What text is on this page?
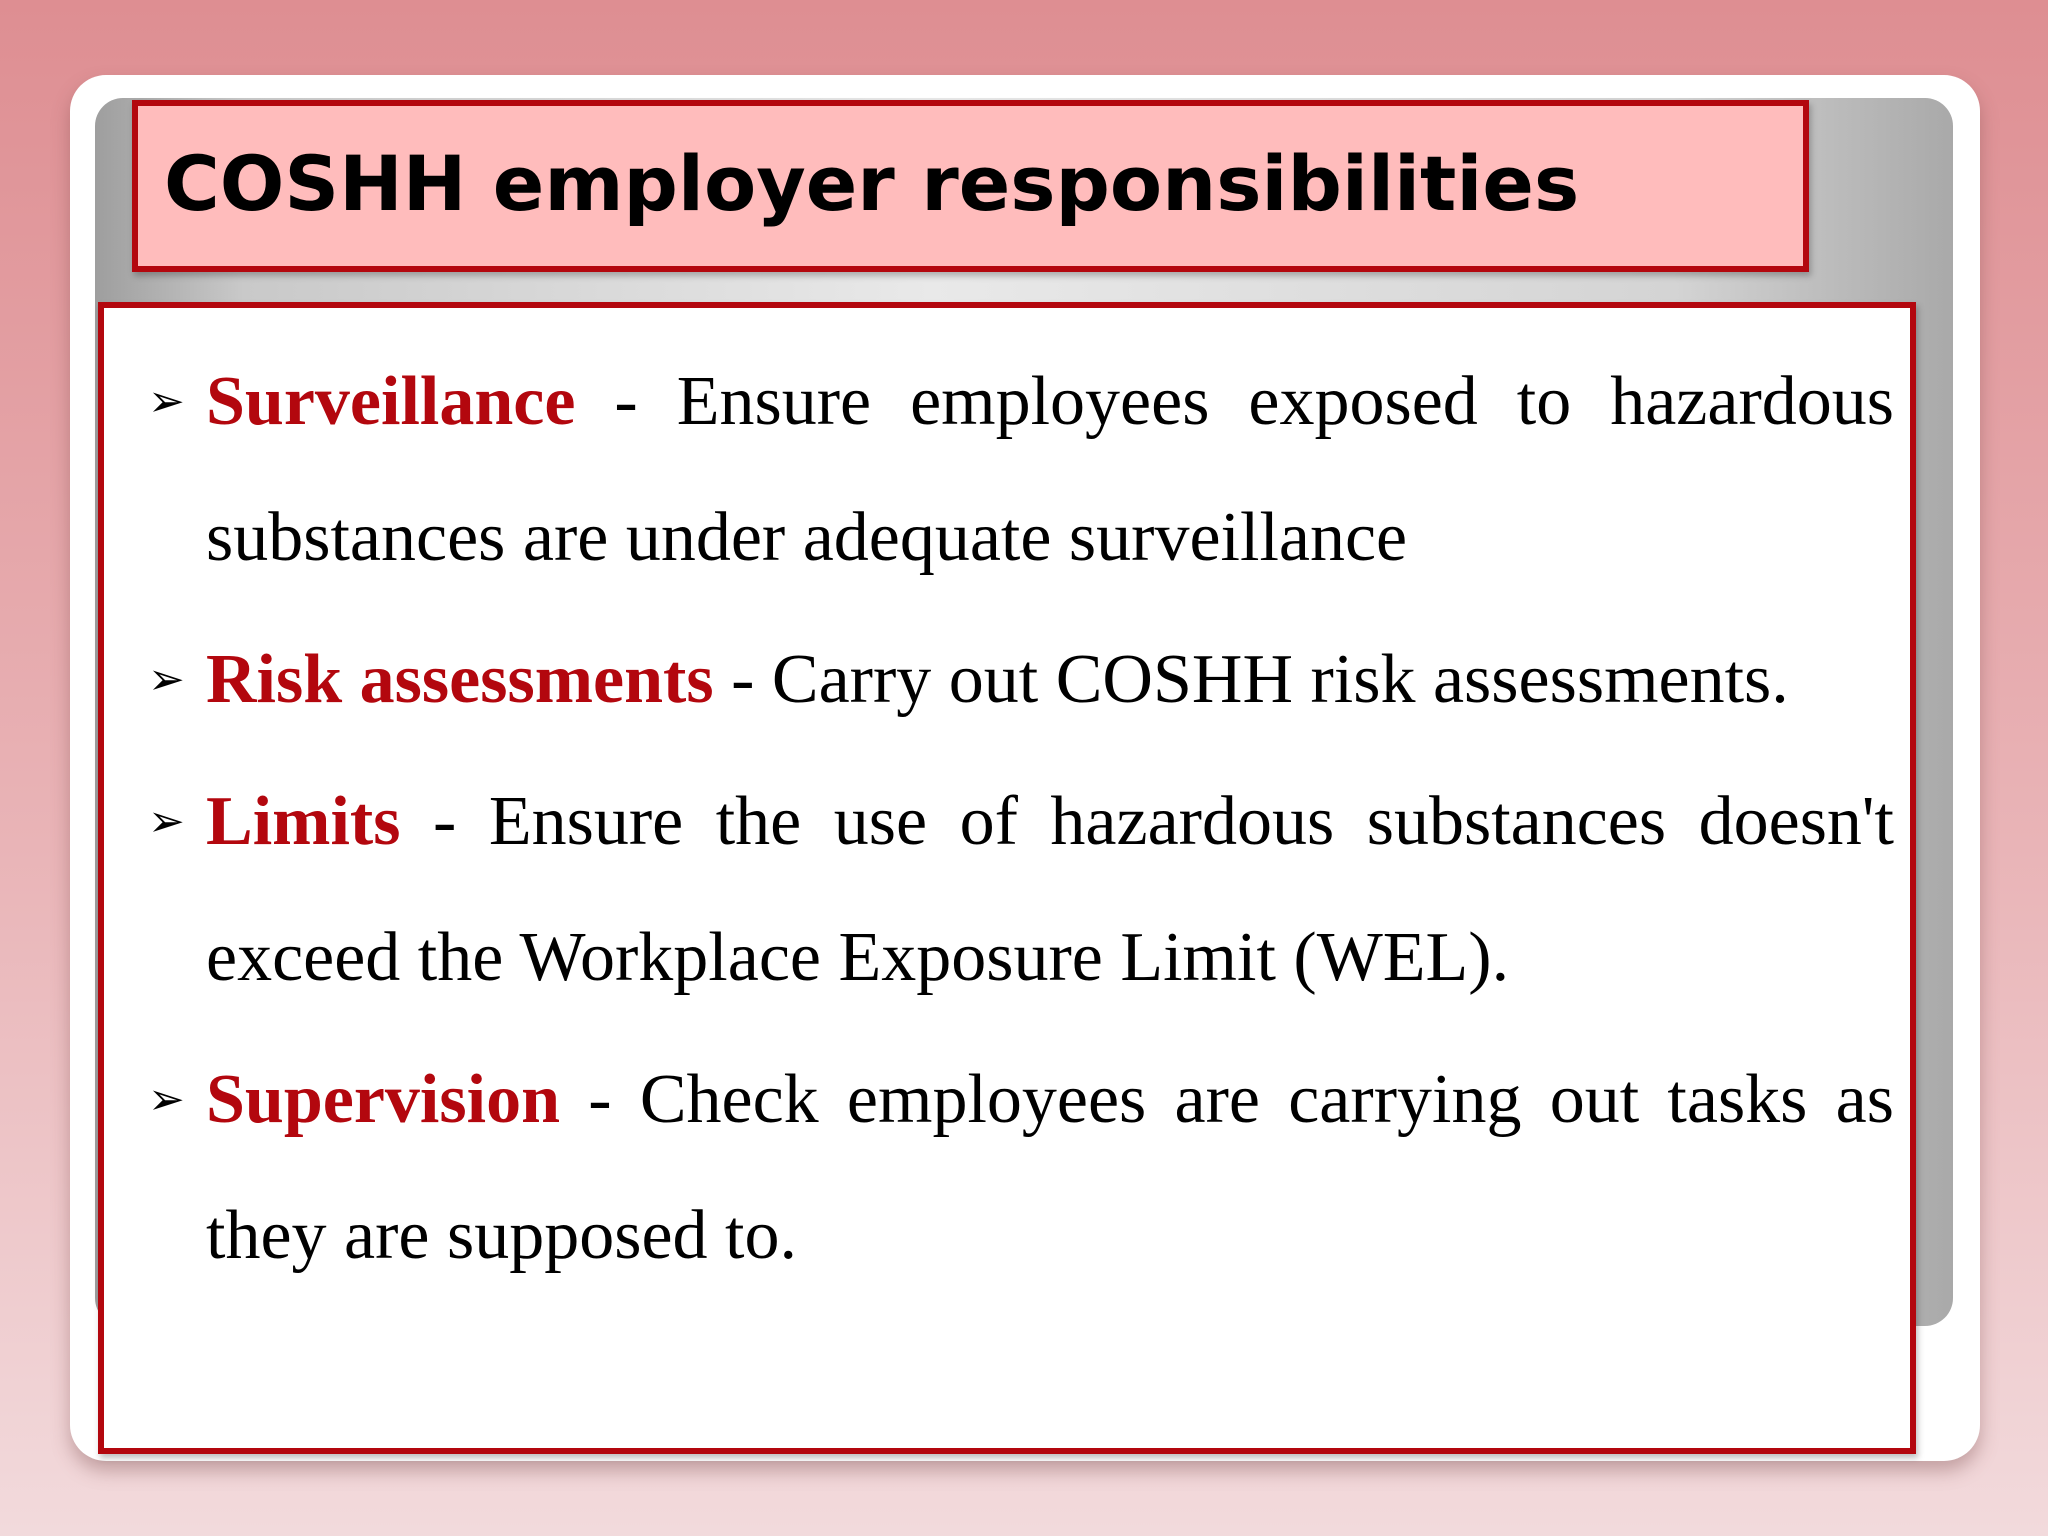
COSHH employer responsibilities
➢ Surveillance - Ensure employees exposed to hazardous substances are under adequate surveillance
➢ Risk assessments - Carry out COSHH risk assessments.
➢ Limits - Ensure the use of hazardous substances doesn't exceed the Workplace Exposure Limit (WEL).
➢ Supervision - Check employees are carrying out tasks as they are supposed to.
